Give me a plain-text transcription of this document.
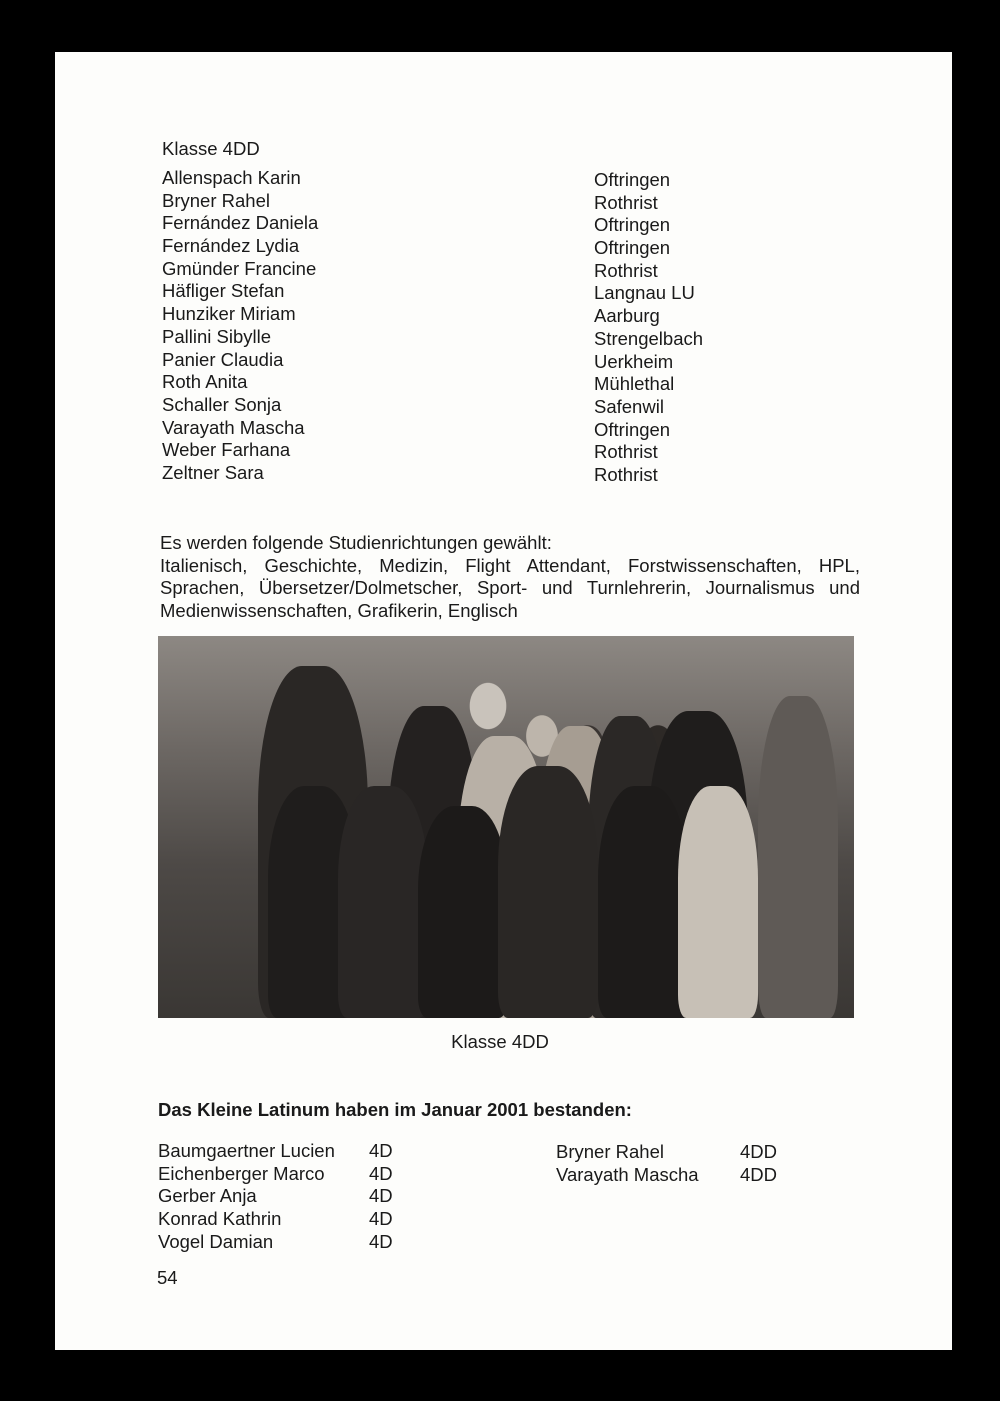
Klasse 4DD
Allenspach Karin
Bryner Rahel
Fernández Daniela
Fernández Lydia
Gmünder Francine
Häfliger Stefan
Hunziker Miriam
Pallini Sibylle
Panier Claudia
Roth Anita
Schaller Sonja
Varayath Mascha
Weber Farhana
Zeltner Sara
Oftringen
Rothrist
Oftringen
Oftringen
Rothrist
Langnau LU
Aarburg
Strengelbach
Uerkheim
Mühlethal
Safenwil
Oftringen
Rothrist
Rothrist
Es werden folgende Studienrichtungen gewählt:
Italienisch, Geschichte, Medizin, Flight Attendant, Forstwissenschaften, HPL, Sprachen, Übersetzer/Dolmetscher, Sport- und Turnlehrerin, Journalismus und Medienwissenschaften, Grafikerin, Englisch
Klasse 4DD
Das Kleine Latinum haben im Januar 2001 bestanden:
Baumgaertner Lucien
Eichenberger Marco
Gerber Anja
Konrad Kathrin
Vogel Damian
4D
4D
4D
4D
4D
Bryner Rahel
Varayath Mascha
4DD
4DD
54
